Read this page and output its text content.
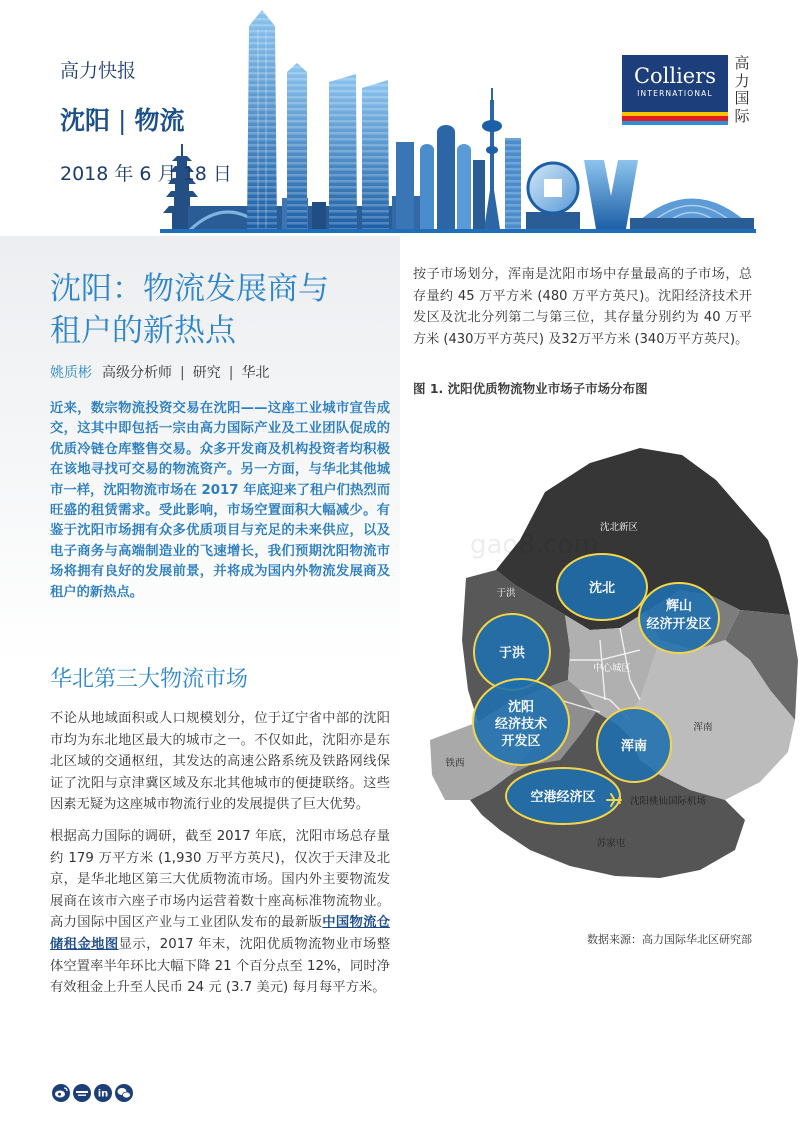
高力快报
沈阳 | 物流
2018 年 6 月 18 日
Colliers
INTERNATIONAL
高
力
国
际
沈阳：物流发展商与
租户的新热点
姚质彬 高级分析师 | 研究 | 华北
近来，数宗物流投资交易在沈阳——这座工业城市宣告成交，这其中即包括一宗由高力国际产业及工业团队促成的优质冷链仓库整售交易。众多开发商及机构投资者均积极在该地寻找可交易的物流资产。另一方面，与华北其他城市一样，沈阳物流市场在 2017 年底迎来了租户们热烈而旺盛的租赁需求。受此影响，市场空置面积大幅减少。有鉴于沈阳市场拥有众多优质项目与充足的未来供应，以及电子商务与高端制造业的飞速增长，我们预期沈阳物流市场将拥有良好的发展前景，并将成为国内外物流发展商及租户的新热点。
华北第三大物流市场
不论从地域面积或人口规模划分，位于辽宁省中部的沈阳市均为东北地区最大的城市之一。不仅如此，沈阳亦是东北区域的交通枢纽，其发达的高速公路系统及铁路网线保证了沈阳与京津冀区域及东北其他城市的便捷联络。这些因素无疑为这座城市物流行业的发展提供了巨大优势。
根据高力国际的调研，截至 2017 年底，沈阳市场总存量约 179 万平方米 (1,930 万平方英尺)，仅次于天津及北京，是华北地区第三大优质物流市场。国内外主要物流发展商在该市六座子市场内运营着数十座高标准物流物业。高力国际中国区产业与工业团队发布的最新版中国物流仓储租金地图显示，2017 年末，沈阳优质物流物业市场整体空置率半年环比大幅下降 21 个百分点至 12%，同时净有效租金上升至人民币 24 元 (3.7 美元) 每月每平方米。
按子市场划分，浑南是沈阳市场中存量最高的子市场，总存量约 45 万平方米 (480 万平方英尺)。沈阳经济技术开发区及沈北分列第二与第三位，其存量分别约为 40 万平方米 (430万平方英尺) 及32万平方米 (340万平方英尺)。
图 1. 沈阳优质物流物业市场子市场分布图
沈北新区
于洪
中心城区
浑南
铁西
沈阳桃仙国际机场
苏家屯
沈北
辉山
经济开发区
于洪
沈阳
经济技术
开发区	浑南
空港经济区
数据来源：高力国际华北区研究部
gao8.com
in
